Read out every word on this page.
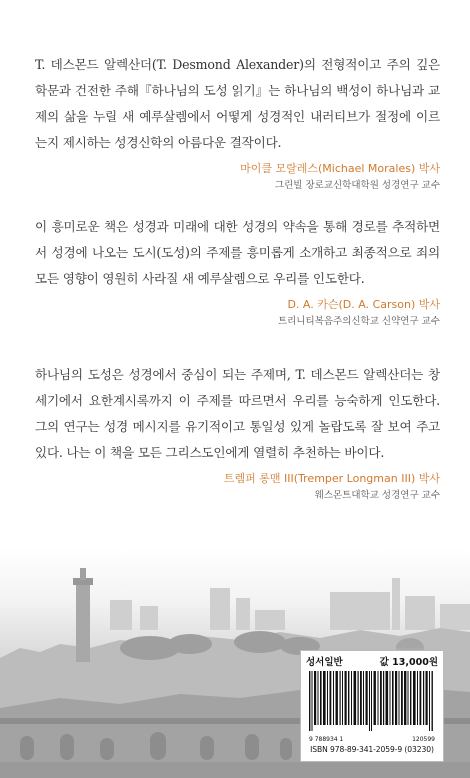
T. 데스몬드 알렉산더(T. Desmond Alexander)의 전형적이고 주의 깊은 학문과 건전한 주해『하나님의 도성 읽기』는 하나님의 백성이 하나님과 교제의 삶을 누릴 새 예루살렘에서 어떻게 성경적인 내러티브가 절정에 이르는지 제시하는 성경신학의 아름다운 결작이다.

마이클 모랄레스(Michael Morales) 박사
그린빌 장로교신학대학원 성경연구 교수

이 흥미로운 책은 성경과 미래에 대한 성경의 약속을 통해 경로를 추적하면서 성경에 나오는 도시(도성)의 주제를 흥미롭게 소개하고 최종적으로 죄의 모든 영향이 영원히 사라질 새 예루살렘으로 우리를 인도한다.

D. A. 카슨(D. A. Carson) 박사
트리니티복음주의신학교 신약연구 교수

하나님의 도성은 성경에서 중심이 되는 주제며, T. 데스몬드 알렉산더는 창세기에서 요한계시록까지 이 주제를 따르면서 우리를 능숙하게 인도한다. 그의 연구는 성경 메시지를 유기적이고 통일성 있게 놀랍도록 잘 보여 주고 있다. 나는 이 책을 모든 그리스도인에게 열렬히 추천하는 바이다.

트렘퍼 롱맨 III(Tremper Longman III) 박사
웨스몬트대학교 성경연구 교수
성서일반	값 13,000원
9 788934 1	120599
ISBN 978-89-341-2059-9 (03230)
